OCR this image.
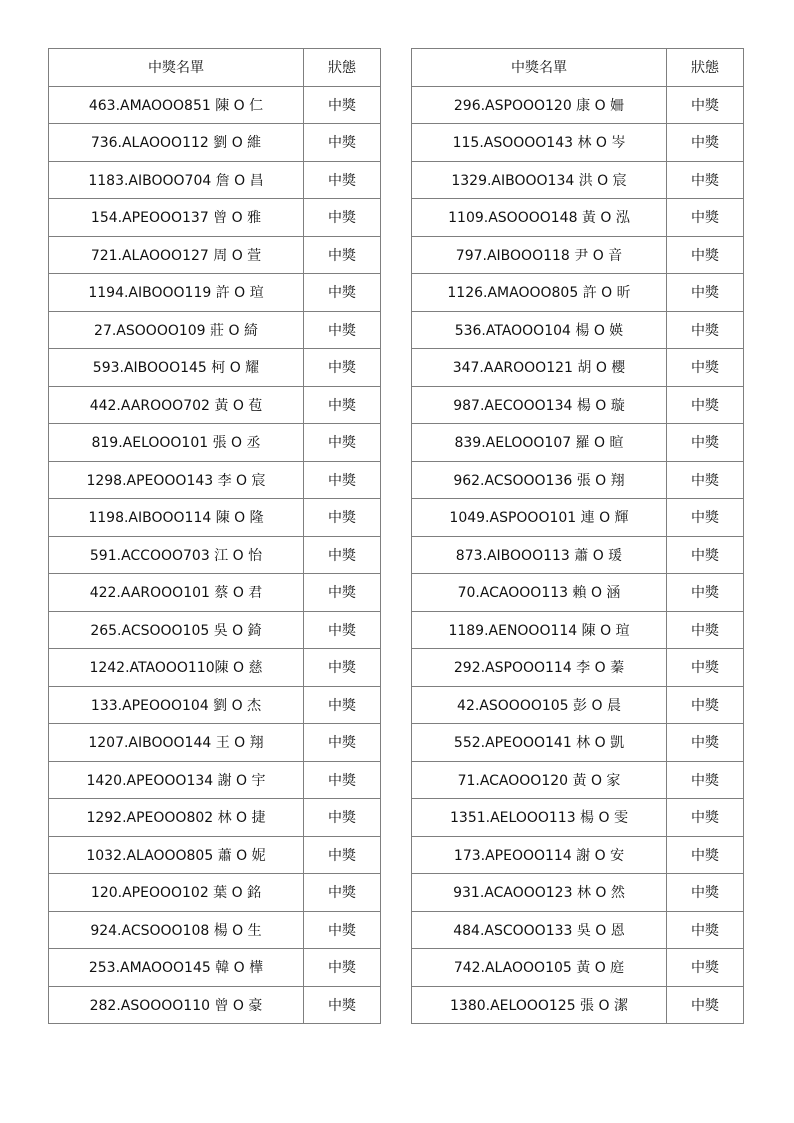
中獎名單	狀態
463.AMAOOO851 陳 O 仁	中獎
736.ALAOOO112 劉 O 維	中獎
1183.AIBOOO704 詹 O 昌	中獎
154.APEOOO137 曾 O 雅	中獎
721.ALAOOO127 周 O 萱	中獎
1194.AIBOOO119 許 O 瑄	中獎
27.ASOOOO109 莊 O 綺	中獎
593.AIBOOO145 柯 O 耀	中獎
442.AAROOO702 黃 O 苞	中獎
819.AELOOO101 張 O 丞	中獎
1298.APEOOO143 李 O 宸	中獎
1198.AIBOOO114 陳 O 隆	中獎
591.ACCOOO703 江 O 怡	中獎
422.AAROOO101 蔡 O 君	中獎
265.ACSOOO105 吳 O 錡	中獎
1242.ATAOOO110陳 O 慈	中獎
133.APEOOO104 劉 O 杰	中獎
1207.AIBOOO144 王 O 翔	中獎
1420.APEOOO134 謝 O 宇	中獎
1292.APEOOO802 林 O 捷	中獎
1032.ALAOOO805 蕭 O 妮	中獎
120.APEOOO102 葉 O 銘	中獎
924.ACSOOO108 楊 O 生	中獎
253.AMAOOO145 韓 O 樺	中獎
282.ASOOOO110 曾 O 豪	中獎
中獎名單	狀態
296.ASPOOO120 康 O 姍	中獎
115.ASOOOO143 林 O 岑	中獎
1329.AIBOOO134 洪 O 宸	中獎
1109.ASOOOO148 黃 O 泓	中獎
797.AIBOOO118 尹 O 音	中獎
1126.AMAOOO805 許 O 昕	中獎
536.ATAOOO104 楊 O 媖	中獎
347.AAROOO121 胡 O 櫻	中獎
987.AECOOO134 楊 O 璇	中獎
839.AELOOO107 羅 O 暄	中獎
962.ACSOOO136 張 O 翔	中獎
1049.ASPOOO101 連 O 輝	中獎
873.AIBOOO113 蕭 O 瑗	中獎
70.ACAOOO113 賴 O 涵	中獎
1189.AENOOO114 陳 O 瑄	中獎
292.ASPOOO114 李 O 蓁	中獎
42.ASOOOO105 彭 O 晨	中獎
552.APEOOO141 林 O 凱	中獎
71.ACAOOO120 黃 O 家	中獎
1351.AELOOO113 楊 O 雯	中獎
173.APEOOO114 謝 O 安	中獎
931.ACAOOO123 林 O 然	中獎
484.ASCOOO133 吳 O 恩	中獎
742.ALAOOO105 黃 O 庭	中獎
1380.AELOOO125 張 O 潔	中獎
